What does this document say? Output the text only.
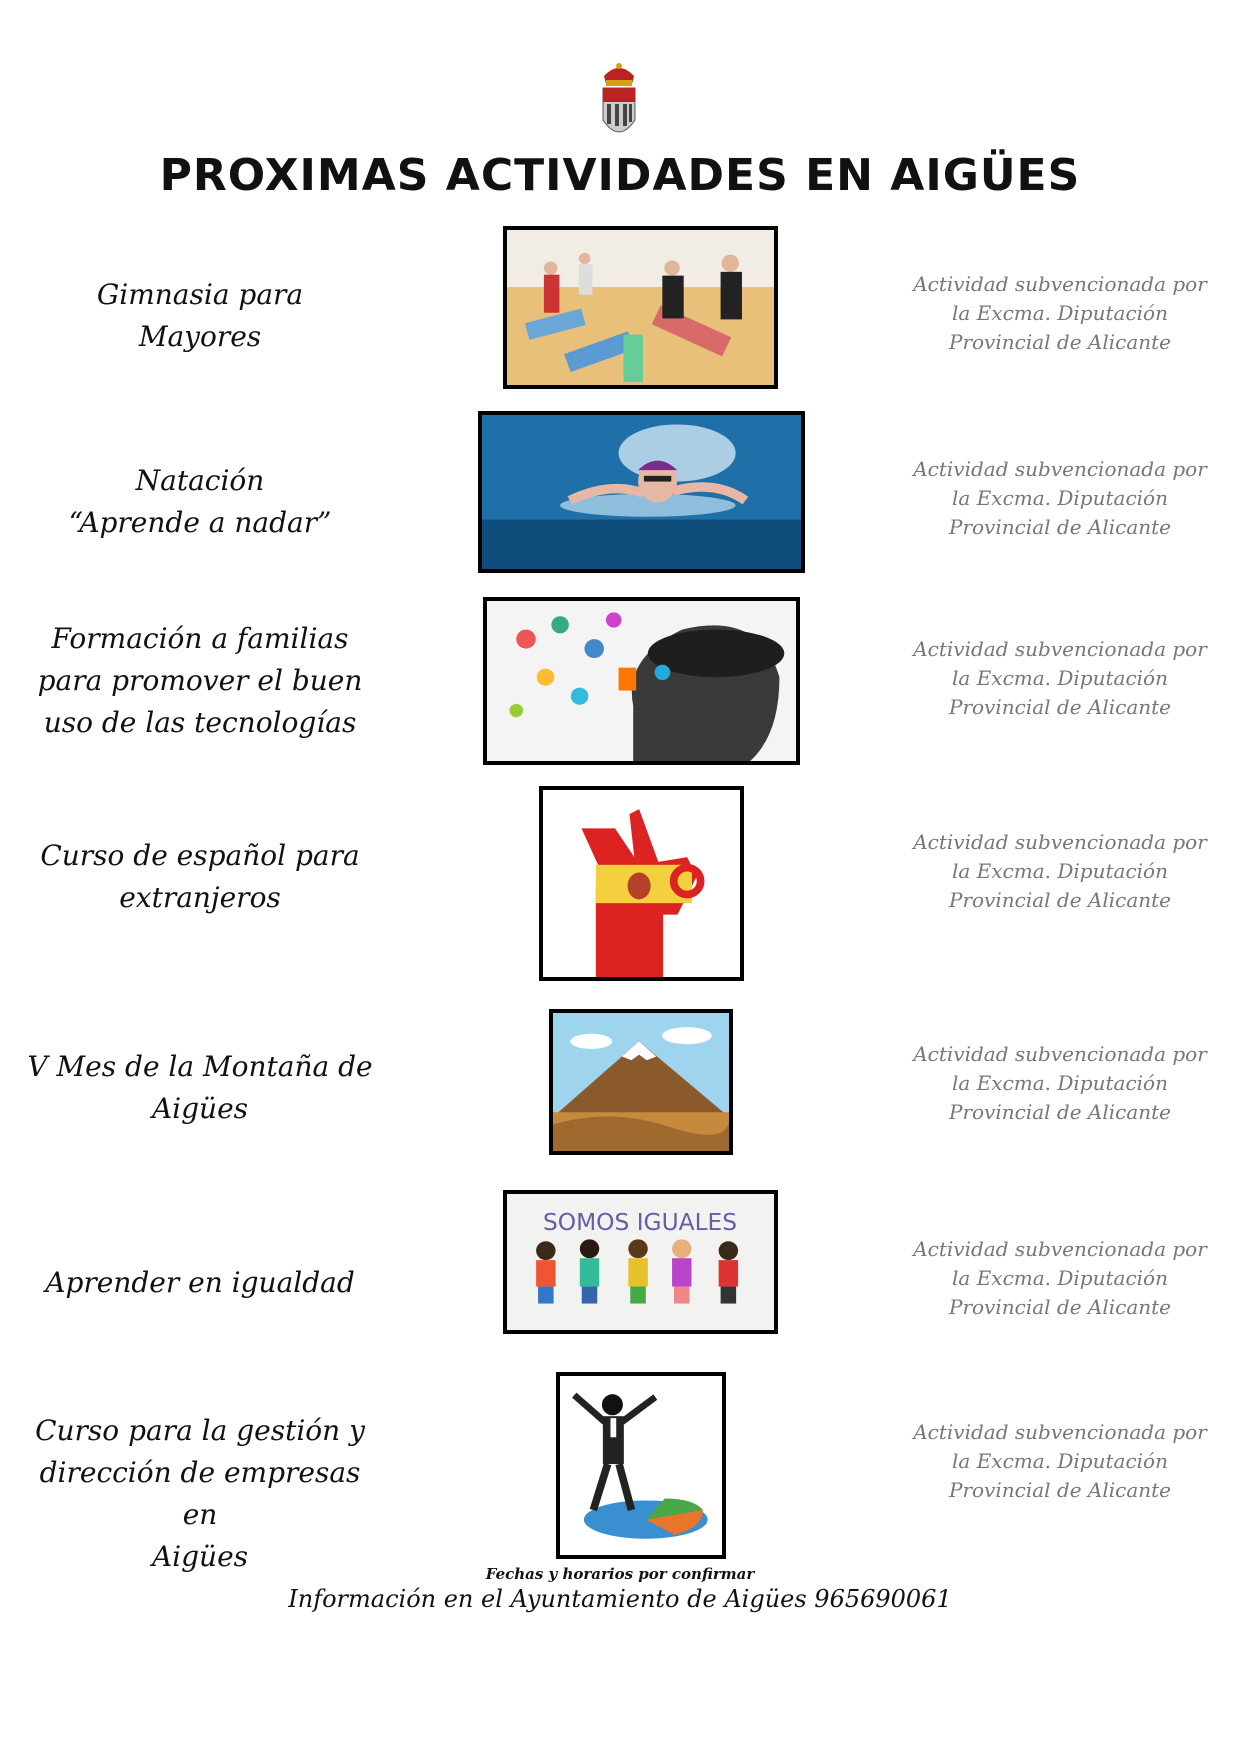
PROXIMAS ACTIVIDADES EN AIGÜES
Gimnasia para
Mayores
Actividad subvencionada por
la Excma. Diputación
Provincial de Alicante
Natación
“Aprende a nadar”
Actividad subvencionada por
la Excma. Diputación
Provincial de Alicante
Formación a familias
para promover el buen
uso de las tecnologías
Actividad subvencionada por
la Excma. Diputación
Provincial de Alicante
Curso de español para
extranjeros
Actividad subvencionada por
la Excma. Diputación
Provincial de Alicante
V Mes de la Montaña de
Aigües
Actividad subvencionada por
la Excma. Diputación
Provincial de Alicante
Aprender en igualdad
SOMOS IGUALES
Actividad subvencionada por
la Excma. Diputación
Provincial de Alicante
Curso para la gestión y
dirección de empresas en
Aigües
Actividad subvencionada por
la Excma. Diputación
Provincial de Alicante
Fechas y horarios por confirmar
Información en el Ayuntamiento de Aigües 965690061
